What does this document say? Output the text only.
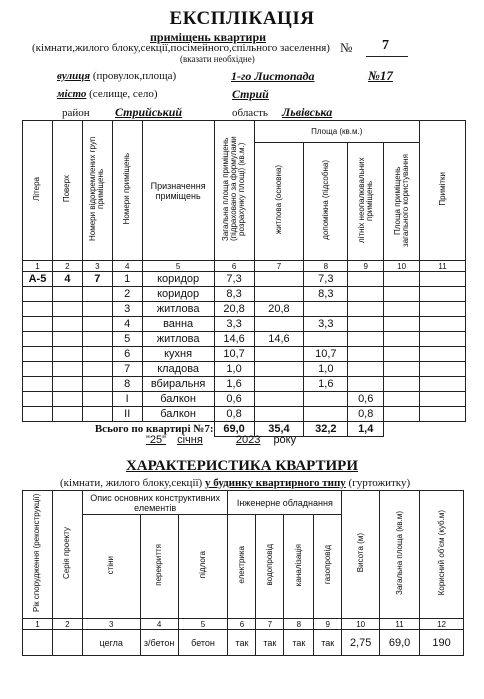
ЕКСПЛІКАЦІЯ
приміщень квартири
(кімнати,жилого блоку,секції,посімейного,спільного заселення)
(вказати необхідне)
№ 7
вулиця (провулок,площа)	1-го Листопада	№17
місто (селище, село)	Стрий
район Стрийський	область Львівська
Літера	Поверх	Номери відокремлених груп приміщень	Номери приміщень	Призначення приміщень	Загальна площа приміщень (підраховано за формулами розрахунку площі) (кв.м.)	Площа (кв.м.)				Примітки
						житлова (основна)	допоміжна (підсобна)	літніх неопалювальних приміщень	Площа приміщень загального користування	
1	2	3	4	5	6	7	8	9	10	11
А-5	4	7	1	коридор	7,3		7,3			
			2	коридор	8,3		8,3			
			3	житлова	20,8	20,8				
			4	ванна	3,3		3,3			
			5	житлова	14,6	14,6				
			6	кухня	10,7		10,7			
			7	кладова	1,0		1,0			
			8	вбиральня	1,6		1,6			
			І	балкон	0,6			0,6		
			ІІ	балкон	0,8			0,8		
Всього по квартирі №7:					69,0	35,4	32,2	1,4		
"25" січня	2023 року
ХАРАКТЕРИСТИКА КВАРТИРИ
(кімнати, жилого блоку,секції) у будинку квартирного типу (гуртожитку)
Рік спорудження (реконструкції)	Серія проекту	Опис основних конструктивних елементів			Інженерне обладнання				Висота (м)	Загальна площа (кв.м)	Корисний об'єм (куб.м)
		стіни	перекриття	підлога	електрика	водопровід	каналізація	газопровід			
1	2	3	4	5	6	7	8	9	10	11	12
		цегла	з/бетон	бетон	так	так	так	так	2,75	69,0	190
